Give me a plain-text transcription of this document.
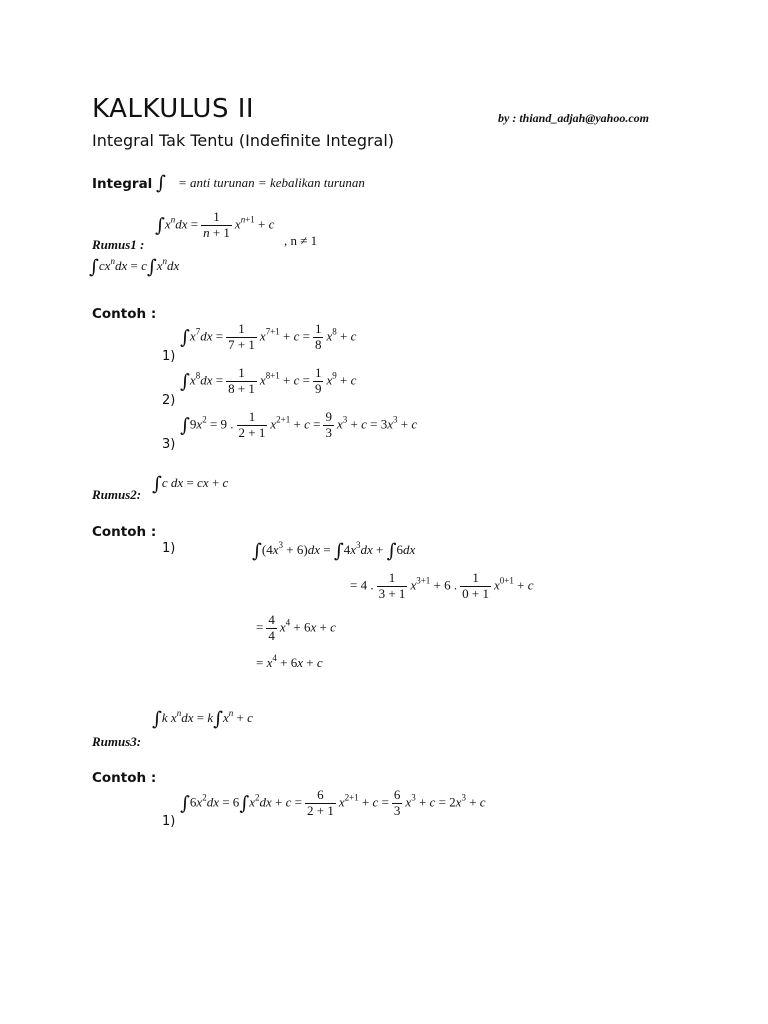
KALKULUS II	by : thiand_adjah@yahoo.com
Integral Tak Tentu (Indefinite Integral)
Integral ∫ = anti turunan = kebalikan turunan
$\int x^ndx = \frac{1}{n + 1} x^{n+1} + c$
, n ≠ 1
Rumus1 :
$\int cx^ndx = c\int x^ndx$
Contoh :
$\int x^7dx = \frac{1}{7 + 1} x^{7+1} + c = \frac{1}{8} x^8 + c$
1)
$\int x^8dx = \frac{1}{8 + 1} x^{8+1} + c = \frac{1}{9} x^9 + c$
2)
$\int 9x^2 = 9$ . $\frac{1}{2 + 1} x^{2+1} + c = \frac{9}{3} x^3 + c = 3x^3 + c$
3)
∫c dx = cx + c
Rumus2:
Contoh :
1)	$\int(4x^3 + 6)dx = \int 4x^3dx + \int 6dx$
= 4 . $\frac{1}{3 + 1} x^{3+1} + 6$ . $\frac{1}{0 + 1} x^{0+1} + c$
= $\frac{4}{4} x^4 + 6x + c$
= $x^4 + 6x + c$
∫k $x^ndx = k\int x^n + c$
Rumus3:
Contoh :
$\int 6x^2dx = 6\int x^2dx + c = \frac{6}{2 + 1} x^{2+1} + c = \frac{6}{3} x^3 + c = 2x^3 + c$
1)
